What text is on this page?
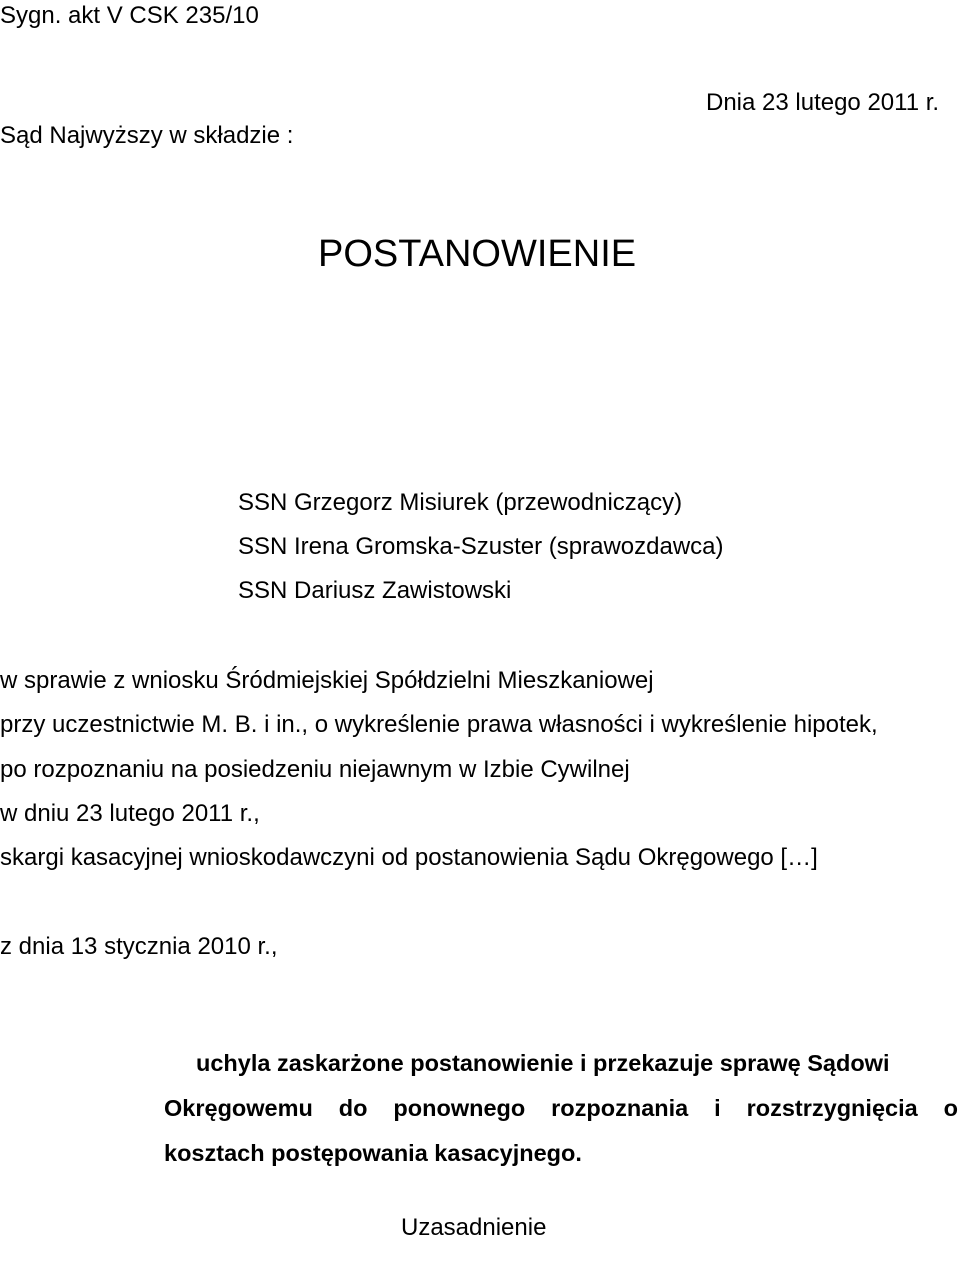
Sygn. akt V CSK 235/10
POSTANOWIENIE
Dnia 23 lutego 2011 r.
Sąd Najwyższy w składzie :
SSN Grzegorz Misiurek (przewodniczący)
SSN Irena Gromska-Szuster (sprawozdawca)
SSN Dariusz Zawistowski
w sprawie z wniosku Śródmiejskiej Spółdzielni Mieszkaniowej
przy uczestnictwie M. B. i in., o wykreślenie prawa własności i wykreślenie hipotek,
po rozpoznaniu na posiedzeniu niejawnym w Izbie Cywilnej
w dniu 23 lutego 2011 r.,
skargi kasacyjnej wnioskodawczyni od postanowienia Sądu Okręgowego […]
z dnia 13 stycznia 2010 r.,
uchyla zaskarżone postanowienie i przekazuje sprawę Sądowi
Okręgowemu do ponownego rozpoznania i rozstrzygnięcia o
kosztach postępowania kasacyjnego.
Uzasadnienie
